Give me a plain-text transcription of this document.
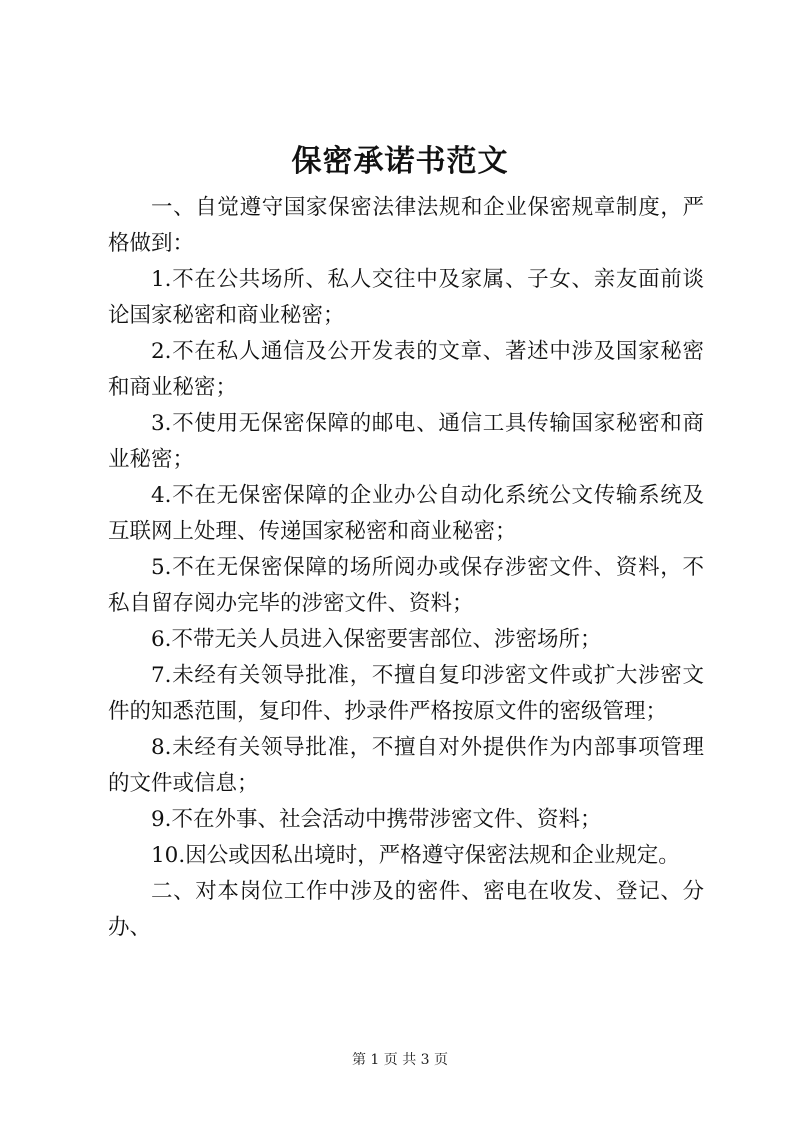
保密承诺书范文

一、自觉遵守国家保密法律法规和企业保密规章制度，严格做到：

1.不在公共场所、私人交往中及家属、子女、亲友面前谈论国家秘密和商业秘密；

2.不在私人通信及公开发表的文章、著述中涉及国家秘密和商业秘密；

3.不使用无保密保障的邮电、通信工具传输国家秘密和商业秘密；

4.不在无保密保障的企业办公自动化系统公文传输系统及互联网上处理、传递国家秘密和商业秘密；

5.不在无保密保障的场所阅办或保存涉密文件、资料，不私自留存阅办完毕的涉密文件、资料；

6.不带无关人员进入保密要害部位、涉密场所；

7.未经有关领导批准，不擅自复印涉密文件或扩大涉密文件的知悉范围，复印件、抄录件严格按原文件的密级管理；

8.未经有关领导批准，不擅自对外提供作为内部事项管理的文件或信息；

9.不在外事、社会活动中携带涉密文件、资料；

10.因公或因私出境时，严格遵守保密法规和企业规定。

二、对本岗位工作中涉及的密件、密电在收发、登记、分办、

第 1 页 共 3 页
